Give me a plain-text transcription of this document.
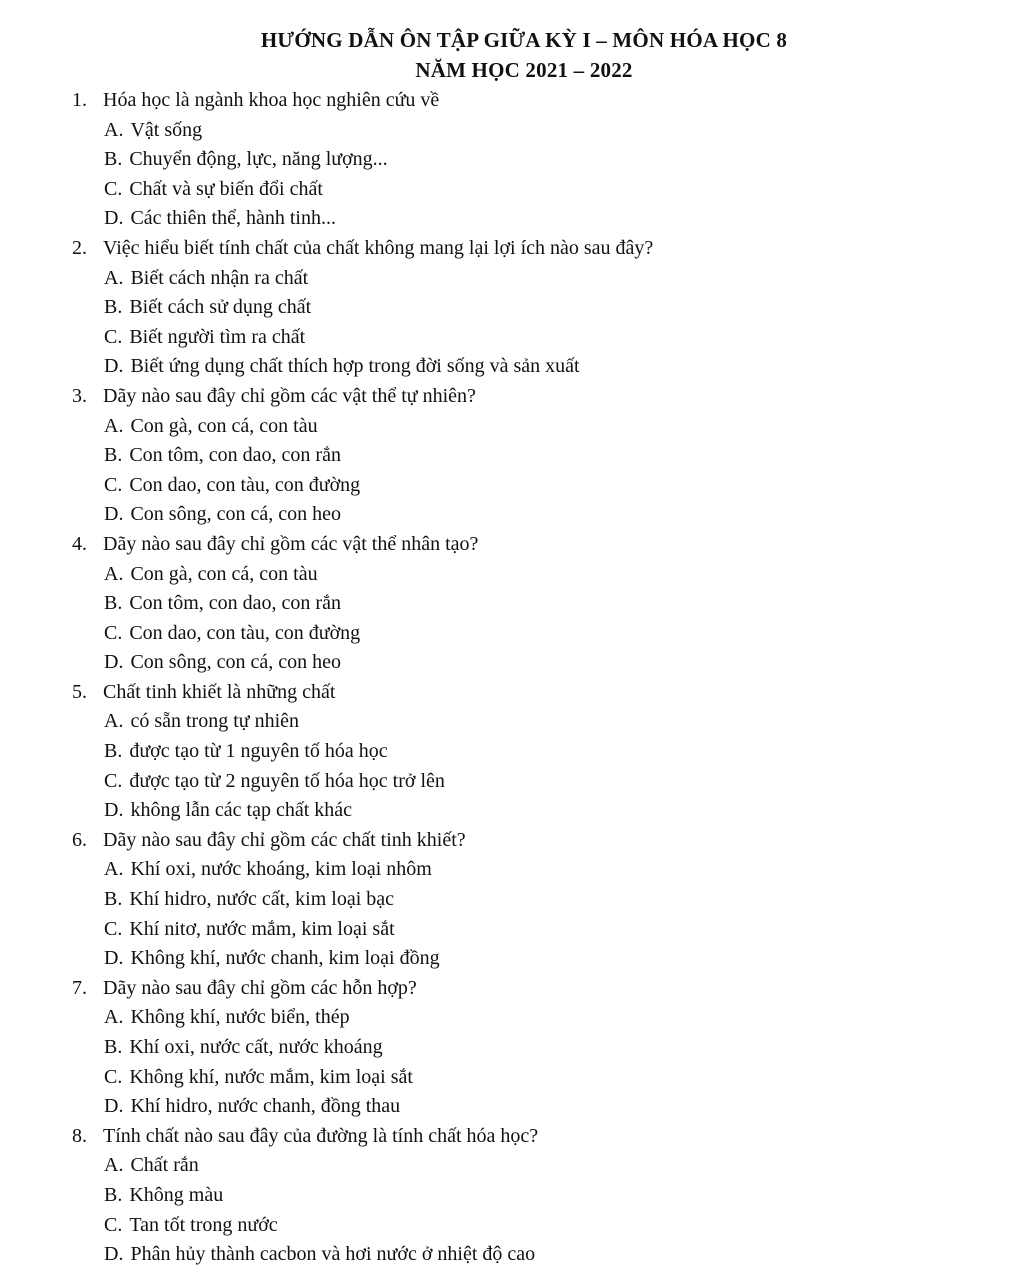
HƯỚNG DẪN ÔN TẬP GIỮA KỲ I – MÔN HÓA HỌC 8
NĂM HỌC 2021 – 2022
1. Hóa học là ngành khoa học nghiên cứu về
A. Vật sống
B. Chuyển động, lực, năng lượng...
C. Chất và sự biến đổi chất
D. Các thiên thể, hành tinh...
2. Việc hiểu biết tính chất của chất không mang lại lợi ích nào sau đây?
A. Biết cách nhận ra chất
B. Biết cách sử dụng chất
C. Biết người tìm ra chất
D. Biết ứng dụng chất thích hợp trong đời sống và sản xuất
3. Dãy nào sau đây chỉ gồm các vật thể tự nhiên?
A. Con gà, con cá, con tàu
B. Con tôm, con dao, con rắn
C. Con dao, con tàu, con đường
D. Con sông, con cá, con heo
4. Dãy nào sau đây chỉ gồm các vật thể nhân tạo?
A. Con gà, con cá, con tàu
B. Con tôm, con dao, con rắn
C. Con dao, con tàu, con đường
D. Con sông, con cá, con heo
5. Chất tinh khiết là những chất
A. có sẵn trong tự nhiên
B. được tạo từ 1 nguyên tố hóa học
C. được tạo từ 2 nguyên tố hóa học trở lên
D. không lẫn các tạp chất khác
6. Dãy nào sau đây chỉ gồm các chất tinh khiết?
A. Khí oxi, nước khoáng, kim loại nhôm
B. Khí hidro, nước cất, kim loại bạc
C. Khí nitơ, nước mắm, kim loại sắt
D. Không khí, nước chanh, kim loại đồng
7. Dãy nào sau đây chỉ gồm các hỗn hợp?
A. Không khí, nước biển, thép
B. Khí oxi, nước cất, nước khoáng
C. Không khí, nước mắm, kim loại sắt
D. Khí hidro, nước chanh, đồng thau
8. Tính chất nào sau đây của đường là tính chất hóa học?
A. Chất rắn
B. Không màu
C. Tan tốt trong nước
D. Phân hủy thành cacbon và hơi nước ở nhiệt độ cao
